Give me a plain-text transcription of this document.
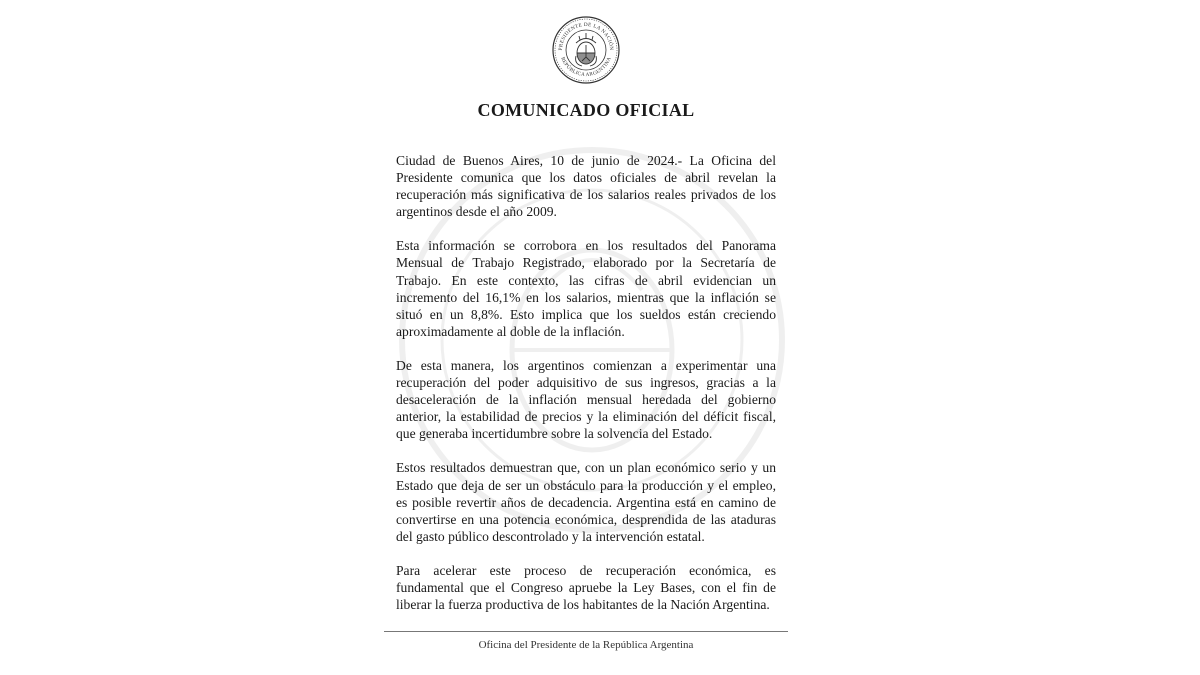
PRESIDENTE DE LA NACIÓN
REPÚBLICA ARGENTINA
COMUNICADO OFICIAL

Ciudad de Buenos Aires, 10 de junio de 2024.- La Oficina del Presidente comunica que los datos oficiales de abril revelan la recuperación más significativa de los salarios reales privados de los argentinos desde el año 2009.

Esta información se corrobora en los resultados del Panorama Mensual de Trabajo Registrado, elaborado por la Secretaría de Trabajo. En este contexto, las cifras de abril evidencian un incremento del 16,1% en los salarios, mientras que la inflación se situó en un 8,8%. Esto implica que los sueldos están creciendo aproximadamente al doble de la inflación.

De esta manera, los argentinos comienzan a experimentar una recuperación del poder adquisitivo de sus ingresos, gracias a la desaceleración de la inflación mensual heredada del gobierno anterior, la estabilidad de precios y la eliminación del déficit fiscal, que generaba incertidumbre sobre la solvencia del Estado.

Estos resultados demuestran que, con un plan económico serio y un Estado que deja de ser un obstáculo para la producción y el empleo, es posible revertir años de decadencia. Argentina está en camino de convertirse en una potencia económica, desprendida de las ataduras del gasto público descontrolado y la intervención estatal.

Para acelerar este proceso de recuperación económica, es fundamental que el Congreso apruebe la Ley Bases, con el fin de liberar la fuerza productiva de los habitantes de la Nación Argentina.

Oficina del Presidente de la República Argentina
